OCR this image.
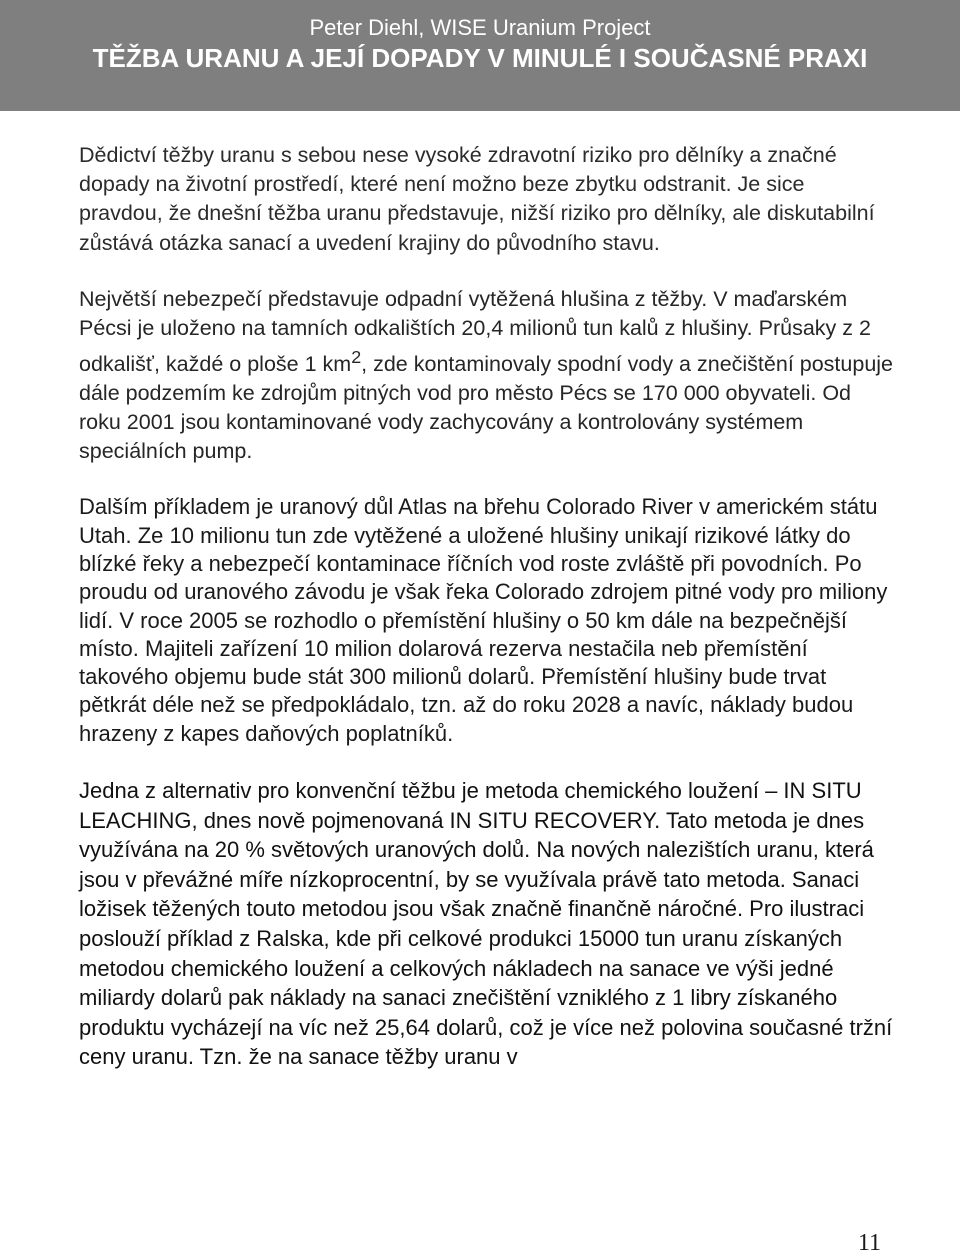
Peter Diehl, WISE Uranium Project
TĚŽBA URANU A JEJÍ DOPADY V MINULÉ I SOUČASNÉ PRAXI

Dědictví těžby uranu s sebou nese vysoké zdravotní riziko pro dělníky a značné dopady na životní prostředí, které není možno beze zbytku odstranit. Je sice pravdou, že dnešní těžba uranu představuje, nižší riziko pro dělníky, ale diskutabilní zůstává otázka sanací a uvedení krajiny do původního stavu.

Největší nebezpečí představuje odpadní vytěžená hlušina z těžby. V maďarském Pécsi je uloženo na tamních odkalištích 20,4 milionů tun kalů z hlušiny. Průsaky z 2 odkališť, každé o ploše 1 $km^2$, zde kontaminovaly spodní vody a znečištění postupuje dále podzemím ke zdrojům pitných vod pro město Pécs se 170 000 obyvateli. Od roku 2001 jsou kontaminované vody zachycovány a kontrolovány systémem speciálních pump.

Dalším příkladem je uranový důl Atlas na břehu Colorado River v americkém státu Utah. Ze 10 milionu tun zde vytěžené a uložené hlušiny unikají rizikové látky do blízké řeky a nebezpečí kontaminace říčních vod roste zvláště při povodních. Po proudu od uranového závodu je však řeka Colorado zdrojem pitné vody pro miliony lidí. V roce 2005 se rozhodlo o přemístění hlušiny o 50 km dále na bezpečnější místo. Majiteli zařízení 10 milion dolarová rezerva nestačila neb přemístění takového objemu bude stát 300 milionů dolarů. Přemístění hlušiny bude trvat pětkrát déle než se předpokládalo, tzn. až do roku 2028 a navíc, náklady budou hrazeny z kapes daňových poplatníků.

Jedna z alternativ pro konvenční těžbu je metoda chemického loužení – IN SITU LEACHING, dnes nově pojmenovaná IN SITU RECOVERY. Tato metoda je dnes využívána na 20 % světových uranových dolů. Na nových nalezištích uranu, která jsou v převážné míře nízkoprocentní, by se využívala právě tato metoda. Sanaci ložisek těžených touto metodou jsou však značně finančně náročné. Pro ilustraci poslouží příklad z Ralska, kde při celkové produkci 15000 tun uranu získaných metodou chemického loužení a celkových nákladech na sanace ve výši jedné miliardy dolarů pak náklady na sanaci znečištění vzniklého z 1 libry získaného produktu vycházejí na víc než 25,64 dolarů, což je více než polovina současné tržní ceny uranu. Tzn. že na sanace těžby uranu v

11
